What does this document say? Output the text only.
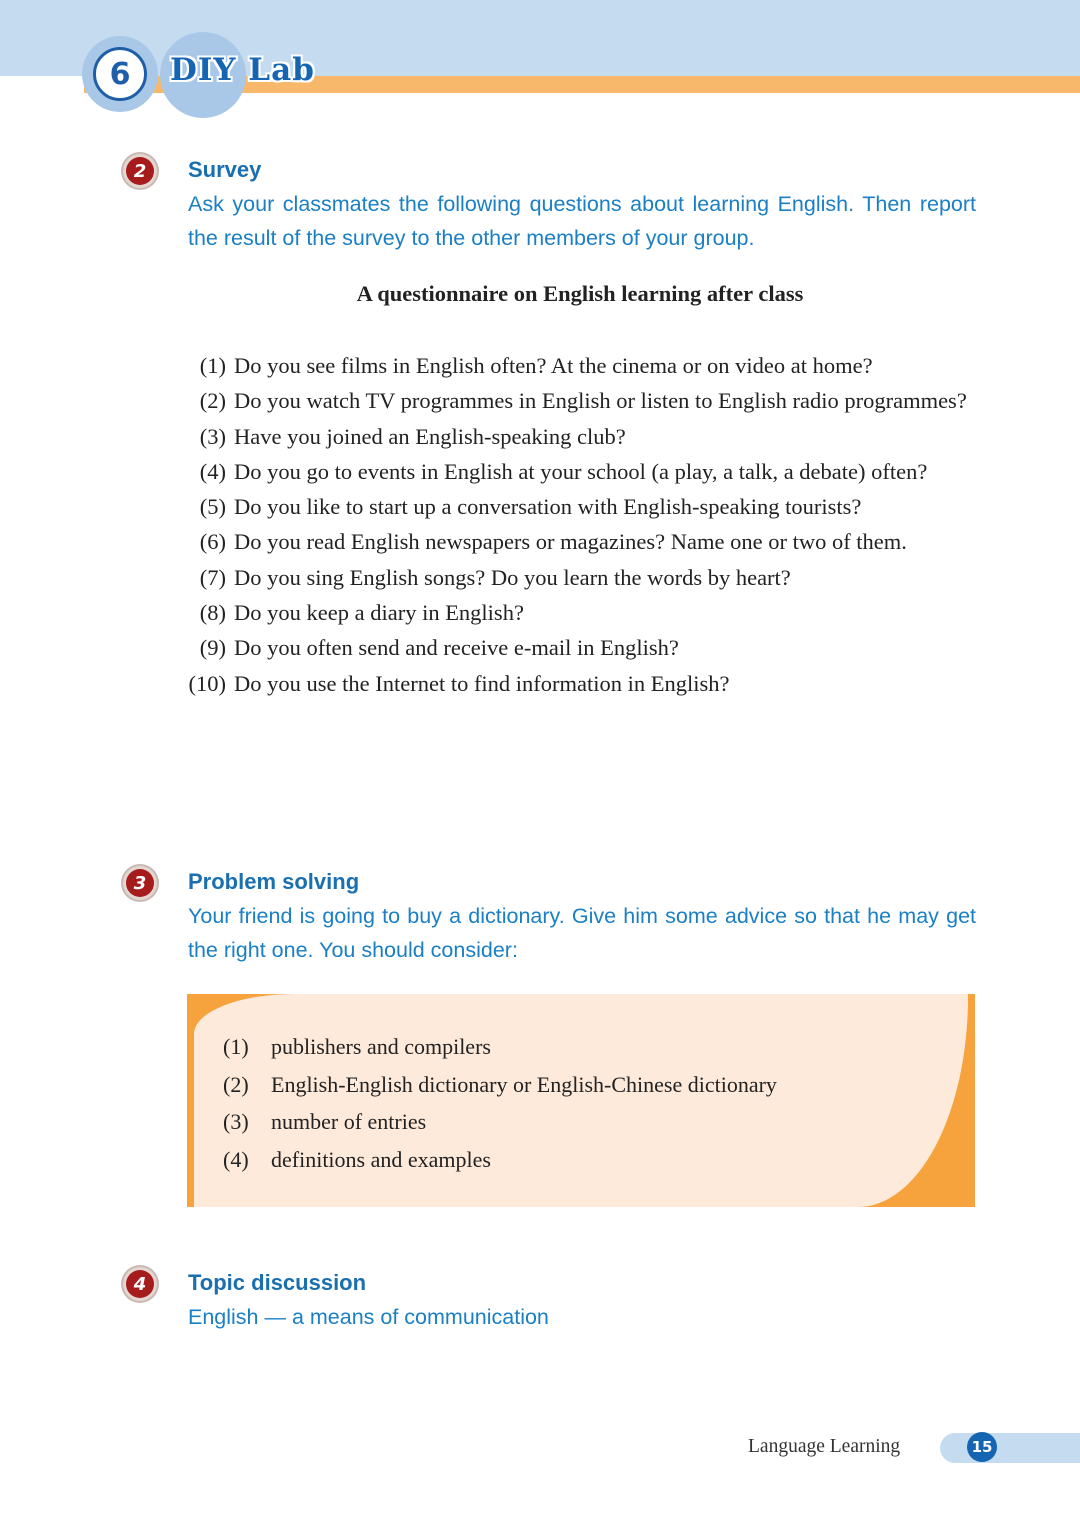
6	DIY Lab
2	Survey
Ask your classmates the following questions about learning English. Then report the result of the survey to the other members of your group.
A questionnaire on English learning after class
(1) Do you see films in English often? At the cinema or on video at home?
(2) Do you watch TV programmes in English or listen to English radio programmes?
(3) Have you joined an English-speaking club?
(4) Do you go to events in English at your school (a play, a talk, a debate) often?
(5) Do you like to start up a conversation with English-speaking tourists?
(6) Do you read English newspapers or magazines? Name one or two of them.
(7) Do you sing English songs? Do you learn the words by heart?
(8) Do you keep a diary in English?
(9) Do you often send and receive e-mail in English?
(10) Do you use the Internet to find information in English?
3	Problem solving
Your friend is going to buy a dictionary. Give him some advice so that he may get the right one. You should consider:
(1) publishers and compilers
(2) English-English dictionary or English-Chinese dictionary
(3) number of entries
(4) definitions and examples
4	Topic discussion
English — a means of communication
Language Learning	15
